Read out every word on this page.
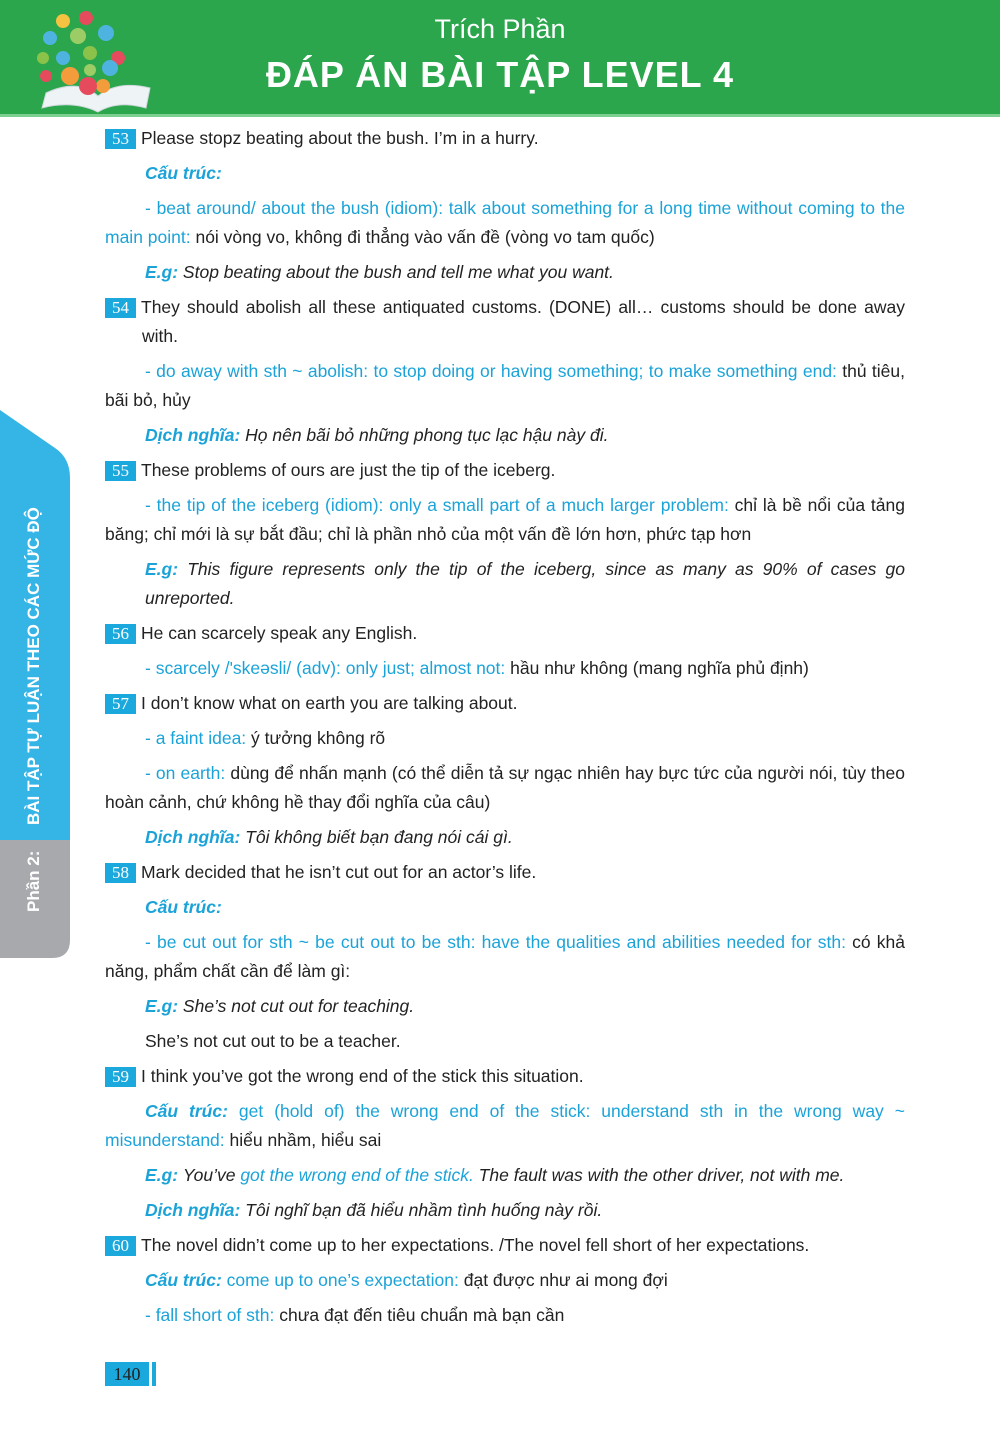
Trích Phần
ĐÁP ÁN BÀI TẬP LEVEL 4
BÀI TẬP TỰ LUẬN THEO CÁC MỨC ĐỘ
Phần 2:
53 Please stopz beating about the bush. I’m in a hurry.
Cấu trúc:
- beat around/ about the bush (idiom): talk about something for a long time without coming to the main point: nói vòng vo, không đi thẳng vào vấn đề (vòng vo tam quốc)
E.g: Stop beating about the bush and tell me what you want.
54 They should abolish all these antiquated customs. (DONE) all… customs should be done away with.
- do away with sth ~ abolish: to stop doing or having something; to make something end: thủ tiêu, bãi bỏ, hủy
Dịch nghĩa: Họ nên bãi bỏ những phong tục lạc hậu này đi.
55 These problems of ours are just the tip of the iceberg.
- the tip of the iceberg (idiom): only a small part of a much larger problem: chỉ là bề nổi của tảng băng; chỉ mới là sự bắt đầu; chỉ là phần nhỏ của một vấn đề lớn hơn, phức tạp hơn
E.g: This figure represents only the tip of the iceberg, since as many as 90% of cases go unreported.
56 He can scarcely speak any English.
- scarcely /'skeəsli/ (adv): only just; almost not: hầu như không (mang nghĩa phủ định)
57 I don’t know what on earth you are talking about.
- a faint idea: ý tưởng không rõ
- on earth: dùng để nhấn mạnh (có thể diễn tả sự ngạc nhiên hay bực tức của người nói, tùy theo hoàn cảnh, chứ không hề thay đổi nghĩa của câu)
Dịch nghĩa: Tôi không biết bạn đang nói cái gì.
58 Mark decided that he isn’t cut out for an actor’s life.
Cấu trúc:
- be cut out for sth ~ be cut out to be sth: have the qualities and abilities needed for sth: có khả năng, phẩm chất cần để làm gì:
E.g: She’s not cut out for teaching.
She’s not cut out to be a teacher.
59 I think you’ve got the wrong end of the stick this situation.
Cấu trúc: get (hold of) the wrong end of the stick: understand sth in the wrong way ~ misunderstand: hiểu nhầm, hiểu sai
E.g: You’ve got the wrong end of the stick. The fault was with the other driver, not with me.
Dịch nghĩa: Tôi nghĩ bạn đã hiểu nhầm tình huống này rồi.
60 The novel didn’t come up to her expectations. /The novel fell short of her expectations.
Cấu trúc: come up to one’s expectation: đạt được như ai mong đợi
- fall short of sth: chưa đạt đến tiêu chuẩn mà bạn cần
140
